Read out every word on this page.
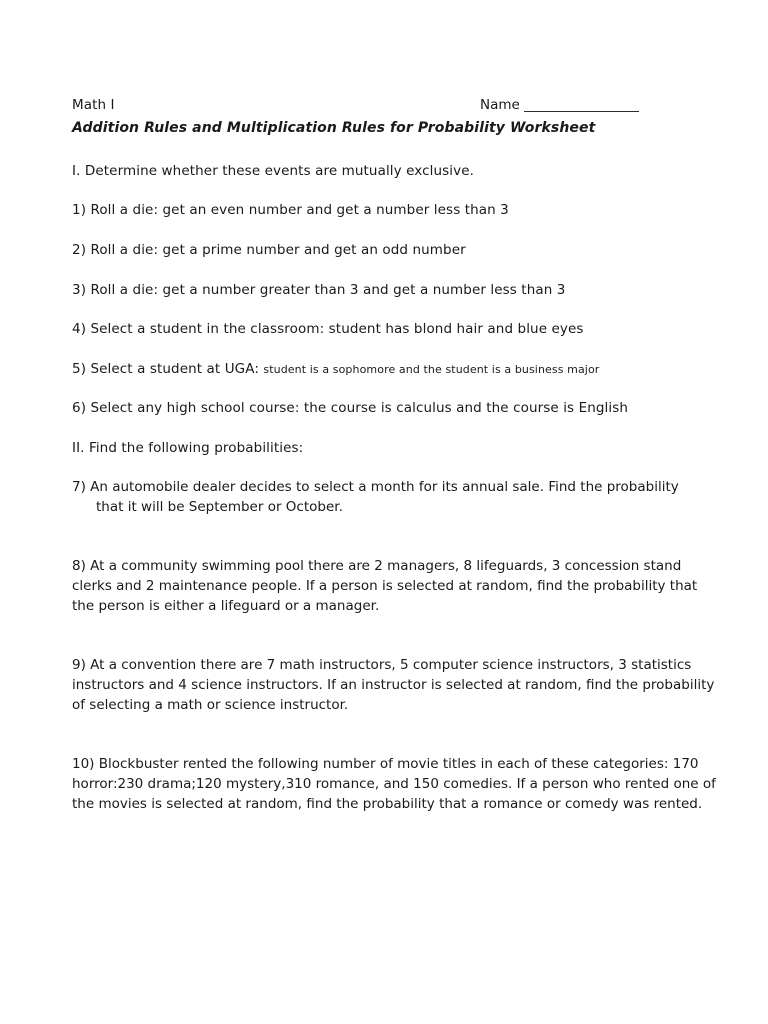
Math I	Name _________________
Addition Rules and Multiplication Rules for Probability Worksheet
I. Determine whether these events are mutually exclusive.
1) Roll a die: get an even number and get a number less than 3
2) Roll a die: get a prime number and get an odd number
3) Roll a die: get a number greater than 3 and get a number less than 3
4) Select a student in the classroom: student has blond hair and blue eyes
5) Select a student at UGA: student is a sophomore and the student is a business major
6) Select any high school course: the course is calculus and the course is English
II. Find the following probabilities:
7) An automobile dealer decides to select a month for its annual sale. Find the probability
that it will be September or October.
8) At a community swimming pool there are 2 managers, 8 lifeguards, 3 concession stand clerks and 2 maintenance people. If a person is selected at random, find the probability that the person is either a lifeguard or a manager.
9) At a convention there are 7 math instructors, 5 computer science instructors, 3 statistics instructors and 4 science instructors. If an instructor is selected at random, find the probability of selecting a math or science instructor.
10) Blockbuster rented the following number of movie titles in each of these categories: 170 horror:230 drama;120 mystery,310 romance, and 150 comedies. If a person who rented one of the movies is selected at random, find the probability that a romance or comedy was rented.
